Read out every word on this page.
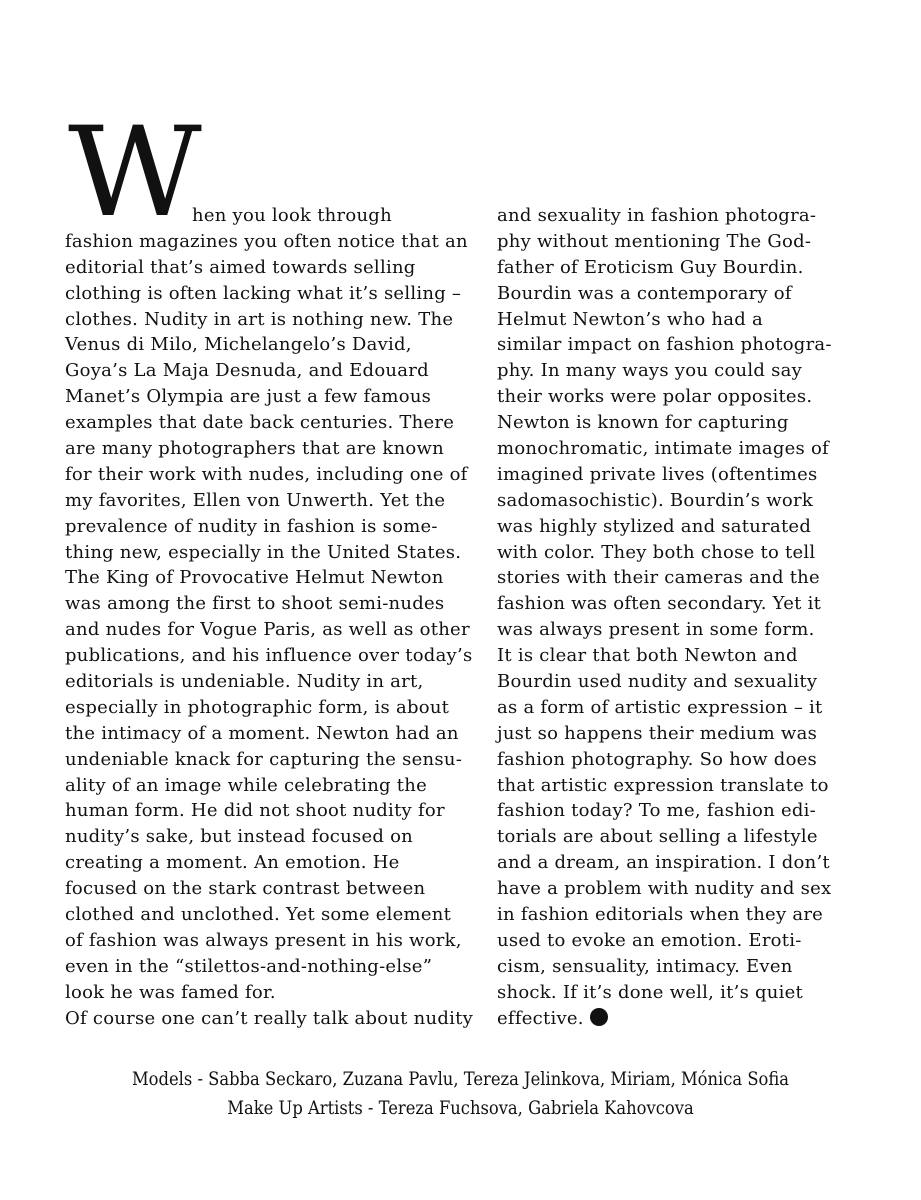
W
hen you look through
fashion magazines you often notice that an
editorial that’s aimed towards selling
clothing is often lacking what it’s selling –
clothes. Nudity in art is nothing new. The
Venus di Milo, Michelangelo’s David,
Goya’s La Maja Desnuda, and Edouard
Manet’s Olympia are just a few famous
examples that date back centuries. There
are many photographers that are known
for their work with nudes, including one of
my favorites, Ellen von Unwerth. Yet the
prevalence of nudity in fashion is some-
thing new, especially in the United States.
The King of Provocative Helmut Newton
was among the first to shoot semi-nudes
and nudes for Vogue Paris, as well as other
publications, and his influence over today’s
editorials is undeniable. Nudity in art,
especially in photographic form, is about
the intimacy of a moment. Newton had an
undeniable knack for capturing the sensu-
ality of an image while celebrating the
human form. He did not shoot nudity for
nudity’s sake, but instead focused on
creating a moment. An emotion. He
focused on the stark contrast between
clothed and unclothed. Yet some element
of fashion was always present in his work,
even in the “stilettos-and-nothing-else”
look he was famed for.
Of course one can’t really talk about nudity
and sexuality in fashion photogra-
phy without mentioning The God-
father of Eroticism Guy Bourdin.
Bourdin was a contemporary of
Helmut Newton’s who had a
similar impact on fashion photogra-
phy. In many ways you could say
their works were polar opposites.
Newton is known for capturing
monochromatic, intimate images of
imagined private lives (oftentimes
sadomasochistic). Bourdin’s work
was highly stylized and saturated
with color. They both chose to tell
stories with their cameras and the
fashion was often secondary. Yet it
was always present in some form.
It is clear that both Newton and
Bourdin used nudity and sexuality
as a form of artistic expression – it
just so happens their medium was
fashion photography. So how does
that artistic expression translate to
fashion today? To me, fashion edi-
torials are about selling a lifestyle
and a dream, an inspiration. I don’t
have a problem with nudity and sex
in fashion editorials when they are
used to evoke an emotion. Eroti-
cism, sensuality, intimacy. Even
shock. If it’s done well, it’s quiet
effective.
Models - Sabba Seckaro, Zuzana Pavlu, Tereza Jelinkova, Miriam, Mónica Sofia
Make Up Artists - Tereza Fuchsova, Gabriela Kahovcova
